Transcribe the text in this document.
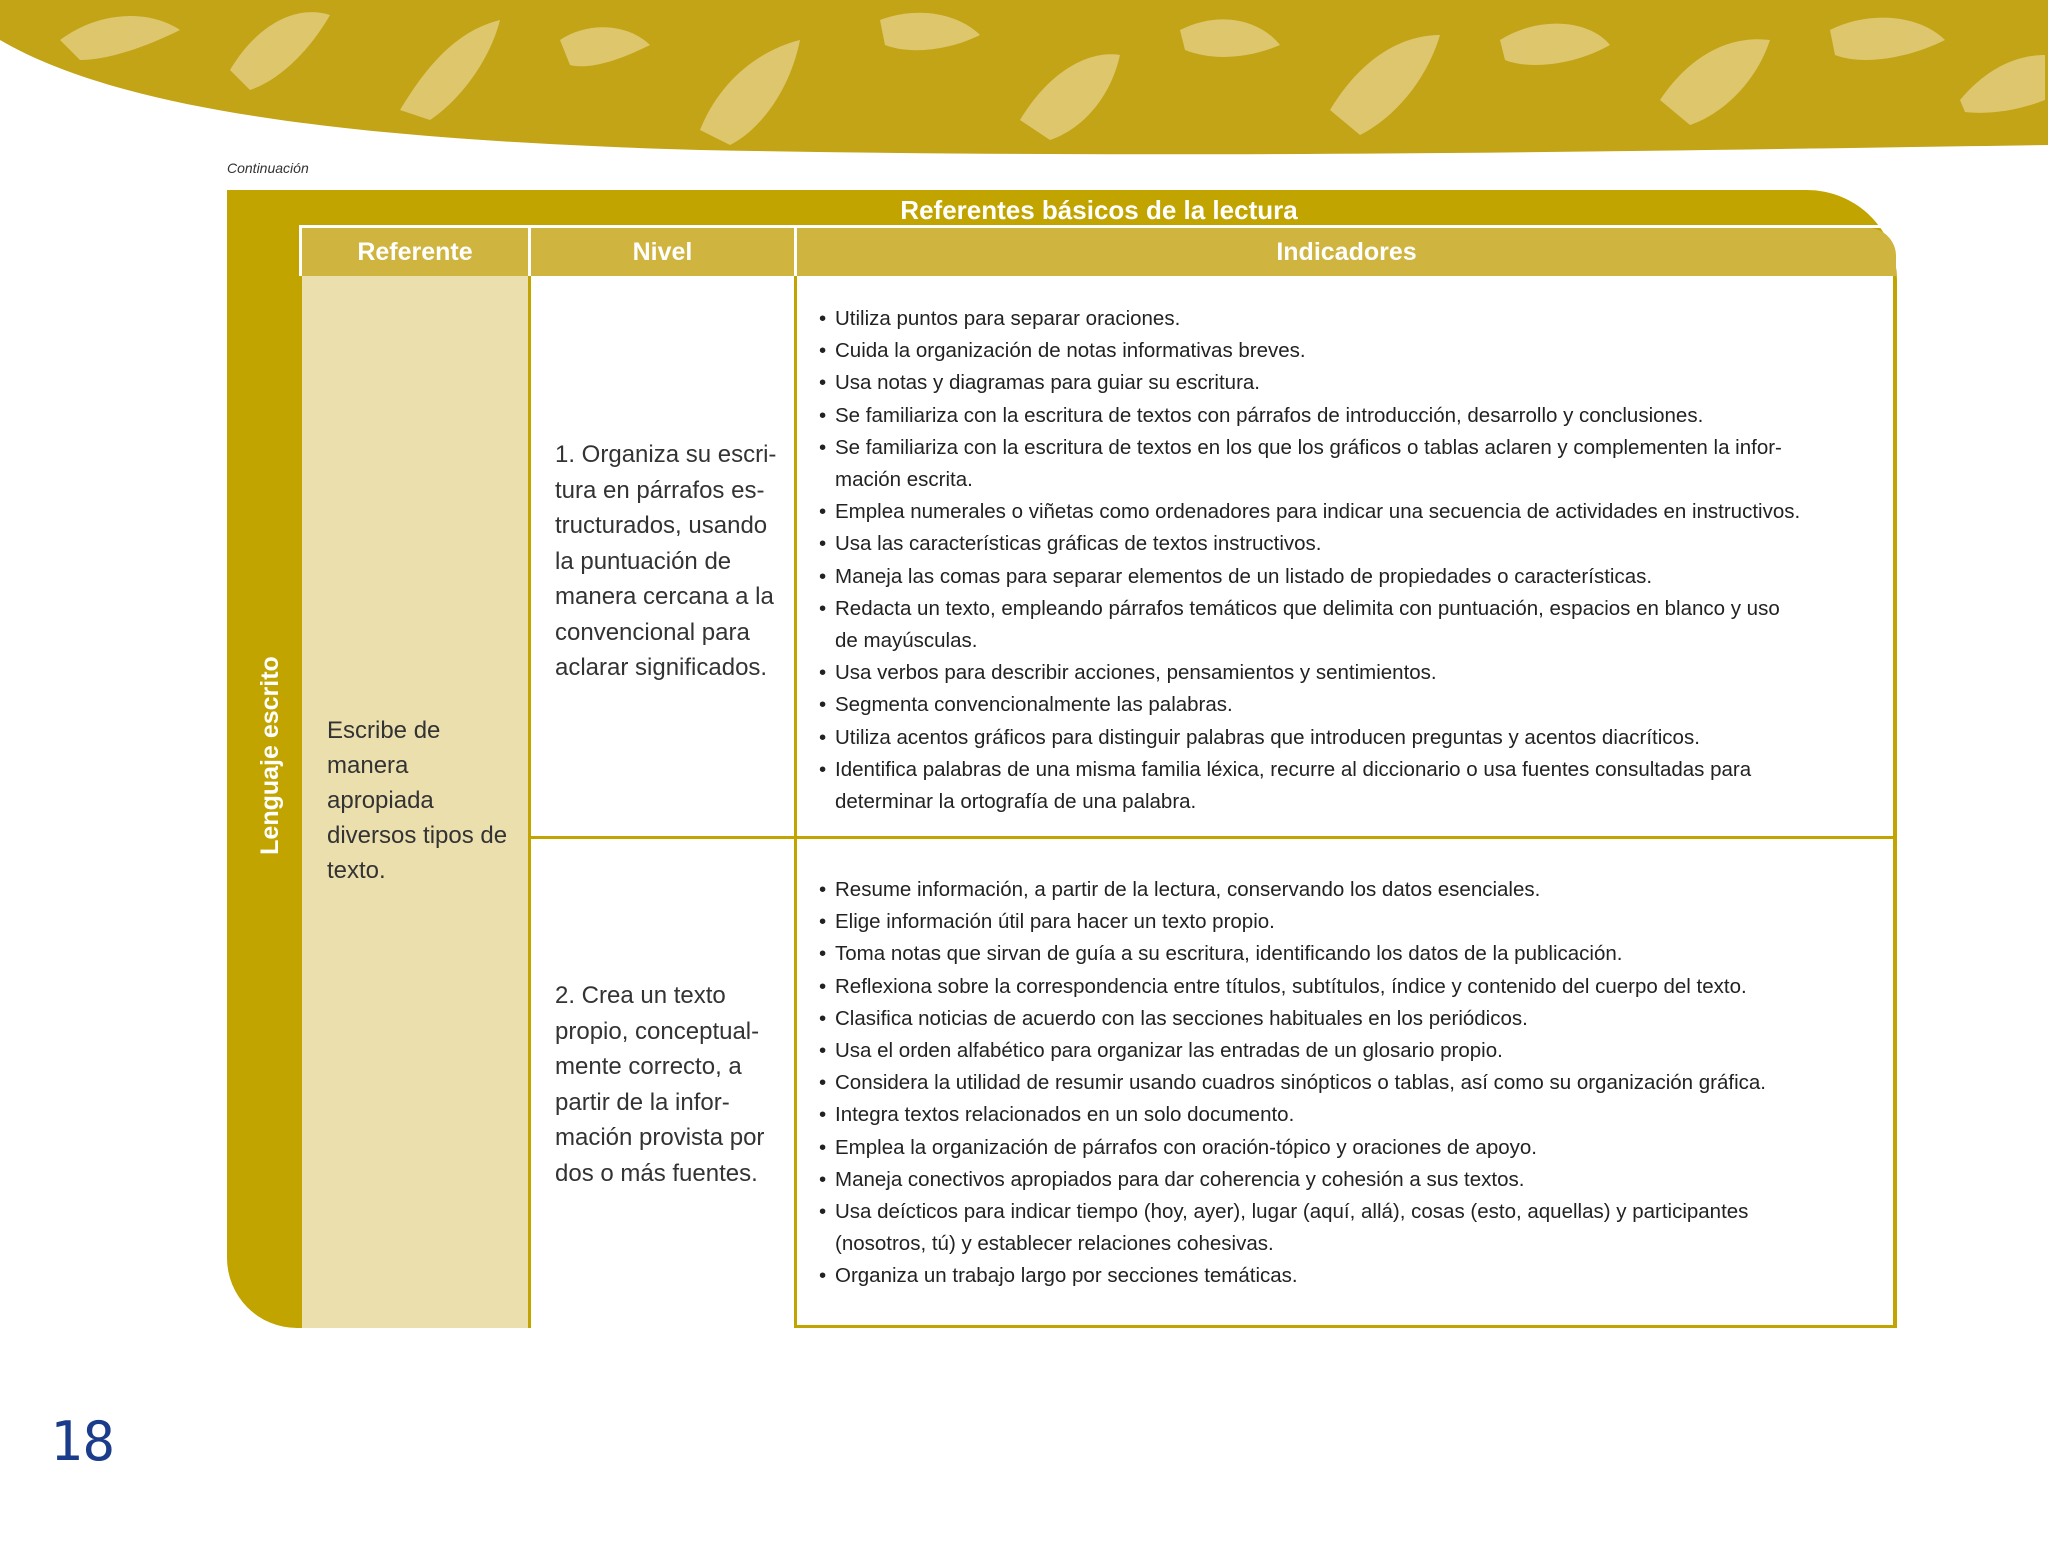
Continuación
Referentes básicos de la lectura
Lenguaje escrito
Referente	Nivel	Indicadores
Escribe de manera apropiada diversos tipos de texto.
1. Organiza su escri-
tura en párrafos es-
tructurados, usando
la puntuación de
manera cercana a la
convencional para
aclarar significados.
2. Crea un texto
propio, conceptual-
mente correcto, a
partir de la infor-
mación provista por
dos o más fuentes.
• Utiliza puntos para separar oraciones.
• Cuida la organización de notas informativas breves.
• Usa notas y diagramas para guiar su escritura.
• Se familiariza con la escritura de textos con párrafos de introducción, desarrollo y conclusiones.
• Se familiariza con la escritura de textos en los que los gráficos o tablas aclaren y complementen la infor-
mación escrita.
• Emplea numerales o viñetas como ordenadores para indicar una secuencia de actividades en instructivos.
• Usa las características gráficas de textos instructivos.
• Maneja las comas para separar elementos de un listado de propiedades o características.
• Redacta un texto, empleando párrafos temáticos que delimita con puntuación, espacios en blanco y uso
de mayúsculas.
• Usa verbos para describir acciones, pensamientos y sentimientos.
• Segmenta convencionalmente las palabras.
• Utiliza acentos gráficos para distinguir palabras que introducen preguntas y acentos diacríticos.
• Identifica palabras de una misma familia léxica, recurre al diccionario o usa fuentes consultadas para
determinar la ortografía de una palabra.
• Resume información, a partir de la lectura, conservando los datos esenciales.
• Elige información útil para hacer un texto propio.
• Toma notas que sirvan de guía a su escritura, identificando los datos de la publicación.
• Reflexiona sobre la correspondencia entre títulos, subtítulos, índice y contenido del cuerpo del texto.
• Clasifica noticias de acuerdo con las secciones habituales en los periódicos.
• Usa el orden alfabético para organizar las entradas de un glosario propio.
• Considera la utilidad de resumir usando cuadros sinópticos o tablas, así como su organización gráfica.
• Integra textos relacionados en un solo documento.
• Emplea la organización de párrafos con oración-tópico y oraciones de apoyo.
• Maneja conectivos apropiados para dar coherencia y cohesión a sus textos.
• Usa deícticos para indicar tiempo (hoy, ayer), lugar (aquí, allá), cosas (esto, aquellas) y participantes
(nosotros, tú) y establecer relaciones cohesivas.
• Organiza un trabajo largo por secciones temáticas.
18
